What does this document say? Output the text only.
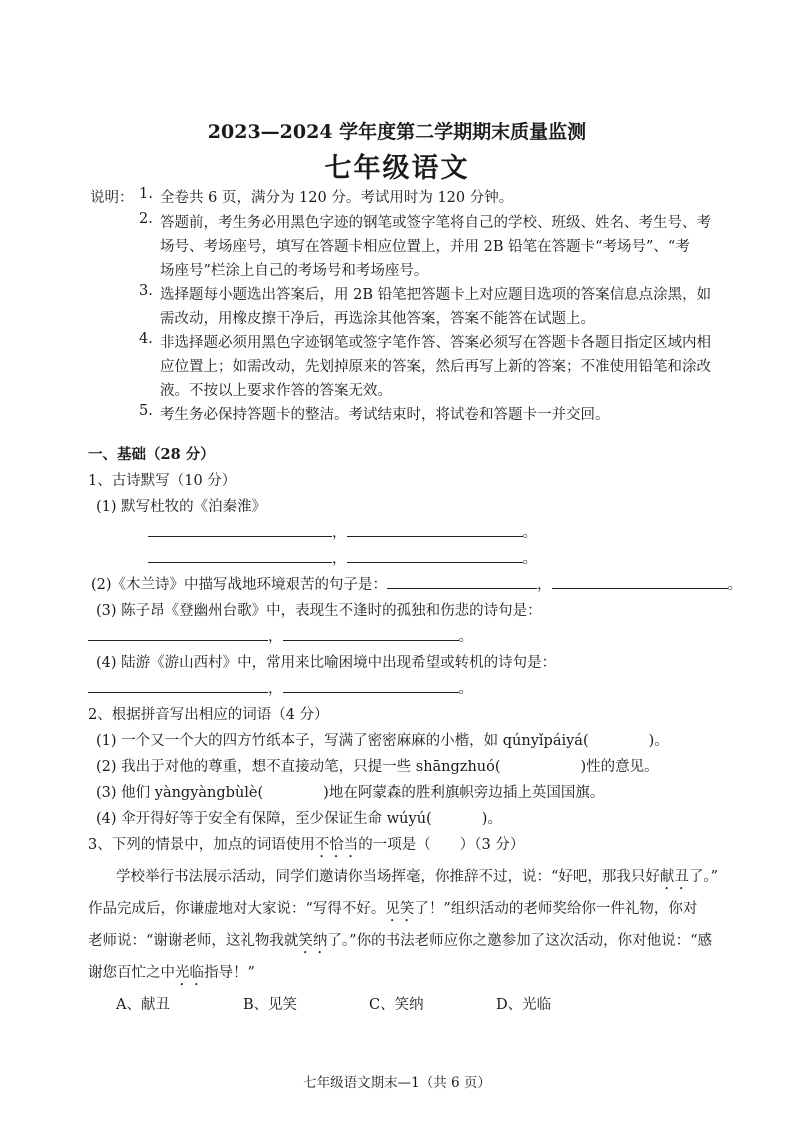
2023—2024 学年度第二学期期末质量监测
七年级语文
说明： 1. 全卷共 6 页，满分为 120 分。考试用时为 120 分钟。
2. 答题前，考生务必用黑色字迹的钢笔或签字笔将自己的学校、班级、姓名、考生号、考
场号、考场座号，填写在答题卡相应位置上，并用 2B 铅笔在答题卡“考场号”、“考
场座号”栏涂上自己的考场号和考场座号。
3. 选择题每小题选出答案后，用 2B 铅笔把答题卡上对应题目选项的答案信息点涂黑，如
需改动，用橡皮擦干净后，再选涂其他答案，答案不能答在试题上。
4. 非选择题必须用黑色字迹钢笔或签字笔作答、答案必须写在答题卡各题目指定区域内相
应位置上；如需改动，先划掉原来的答案，然后再写上新的答案；不准使用铅笔和涂改
液。不按以上要求作答的答案无效。
5. 考生务必保持答题卡的整洁。考试结束时，将试卷和答题卡一并交回。
一、基础（28 分）
1、古诗默写（10 分）
(1) 默写杜牧的《泊秦淮》
，	。
，	。
(2)《木兰诗》中描写战地环境艰苦的句子是：	，	。
(3) 陈子昂《登幽州台歌》中，表现生不逢时的孤独和伤悲的诗句是：
，	。
(4) 陆游《游山西村》中，常用来比喻困境中出现希望或转机的诗句是：
，	。
2、根据拼音写出相应的词语（4 分）
(1) 一个又一个大的四方竹纸本子，写满了密密麻麻的小楷，如 qúnyǐpáiyá(	)。
(2) 我出于对他的尊重，想不直接动笔，只提一些 shāngzhuó(	)性的意见。
(3) 他们 yàngyàngbùlè(	)地在阿蒙森的胜利旗帜旁边插上英国国旗。
(4) 伞开得好等于安全有保障，至少保证生命 wúyú(	)。
3、下列的情景中，加点的词语使用不恰当的一项是（　　）（3 分）
学校举行书法展示活动，同学们邀请你当场挥毫，你推辞不过，说：“好吧，那我只好献丑了。”
作品完成后，你谦虚地对大家说：“写得不好。见笑了！”组织活动的老师奖给你一件礼物，你对
老师说：“谢谢老师，这礼物我就笑纳了。”你的书法老师应你之邀参加了这次活动，你对他说：“感
谢您百忙之中光临指导！”
A、献丑	B、见笑	C、笑纳	D、光临
七年级语文期末—1（共 6 页）
